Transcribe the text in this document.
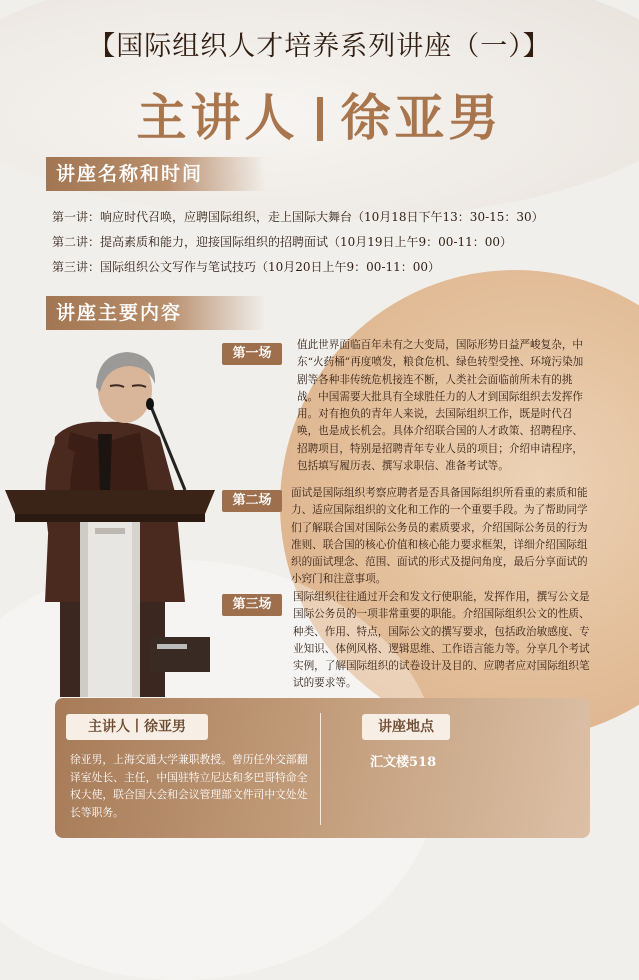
【国际组织人才培养系列讲座（一）】
主讲人 徐亚男
讲座名称和时间
第一讲：响应时代召唤，应聘国际组织，走上国际大舞台（10月18日下午13：30-15：30）
第二讲：提高素质和能力，迎接国际组织的招聘面试（10月19日上午9：00-11：00）
第三讲：国际组织公文写作与笔试技巧（10月20日上午9：00-11：00）
讲座主要内容
第一场
值此世界面临百年未有之大变局，国际形势日益严峻复杂，中东“火药桶”再度喷发，粮食危机、绿色转型受挫、环境污染加剧等各种非传统危机接连不断，人类社会面临前所未有的挑战。中国需要大批具有全球胜任力的人才到国际组织去发挥作用。对有抱负的青年人来说，去国际组织工作，既是时代召唤，也是成长机会。具体介绍联合国的人才政策、招聘程序、招聘项目，特别是招聘青年专业人员的项目；介绍申请程序，包括填写履历表、撰写求职信、准备考试等。
第二场	面试是国际组织考察应聘者是否具备国际组织所看重的素质和能力、适应国际组织的文化和工作的一个重要手段。为了帮助同学们了解联合国对国际公务员的素质要求，介绍国际公务员的行为准则、联合国的核心价值和核心能力要求框架，详细介绍国际组织的面试理念、范围、面试的形式及提问角度，最后分享面试的小窍门和注意事项。
第三场	国际组织往往通过开会和发文行使职能，发挥作用，撰写公文是国际公务员的一项非常重要的职能。介绍国际组织公文的性质、种类、作用、特点，国际公文的撰写要求，包括政治敏感度、专业知识、体例风格、逻辑思维、工作语言能力等。分享几个考试实例，了解国际组织的试卷设计及目的、应聘者应对国际组织笔试的要求等。
主讲人丨徐亚男
徐亚男，上海交通大学兼职教授。曾历任外交部翻译室处长、主任，中国驻特立尼达和多巴哥特命全权大使，联合国大会和会议管理部文件司中文处处长等职务。
讲座地点
汇文楼518
